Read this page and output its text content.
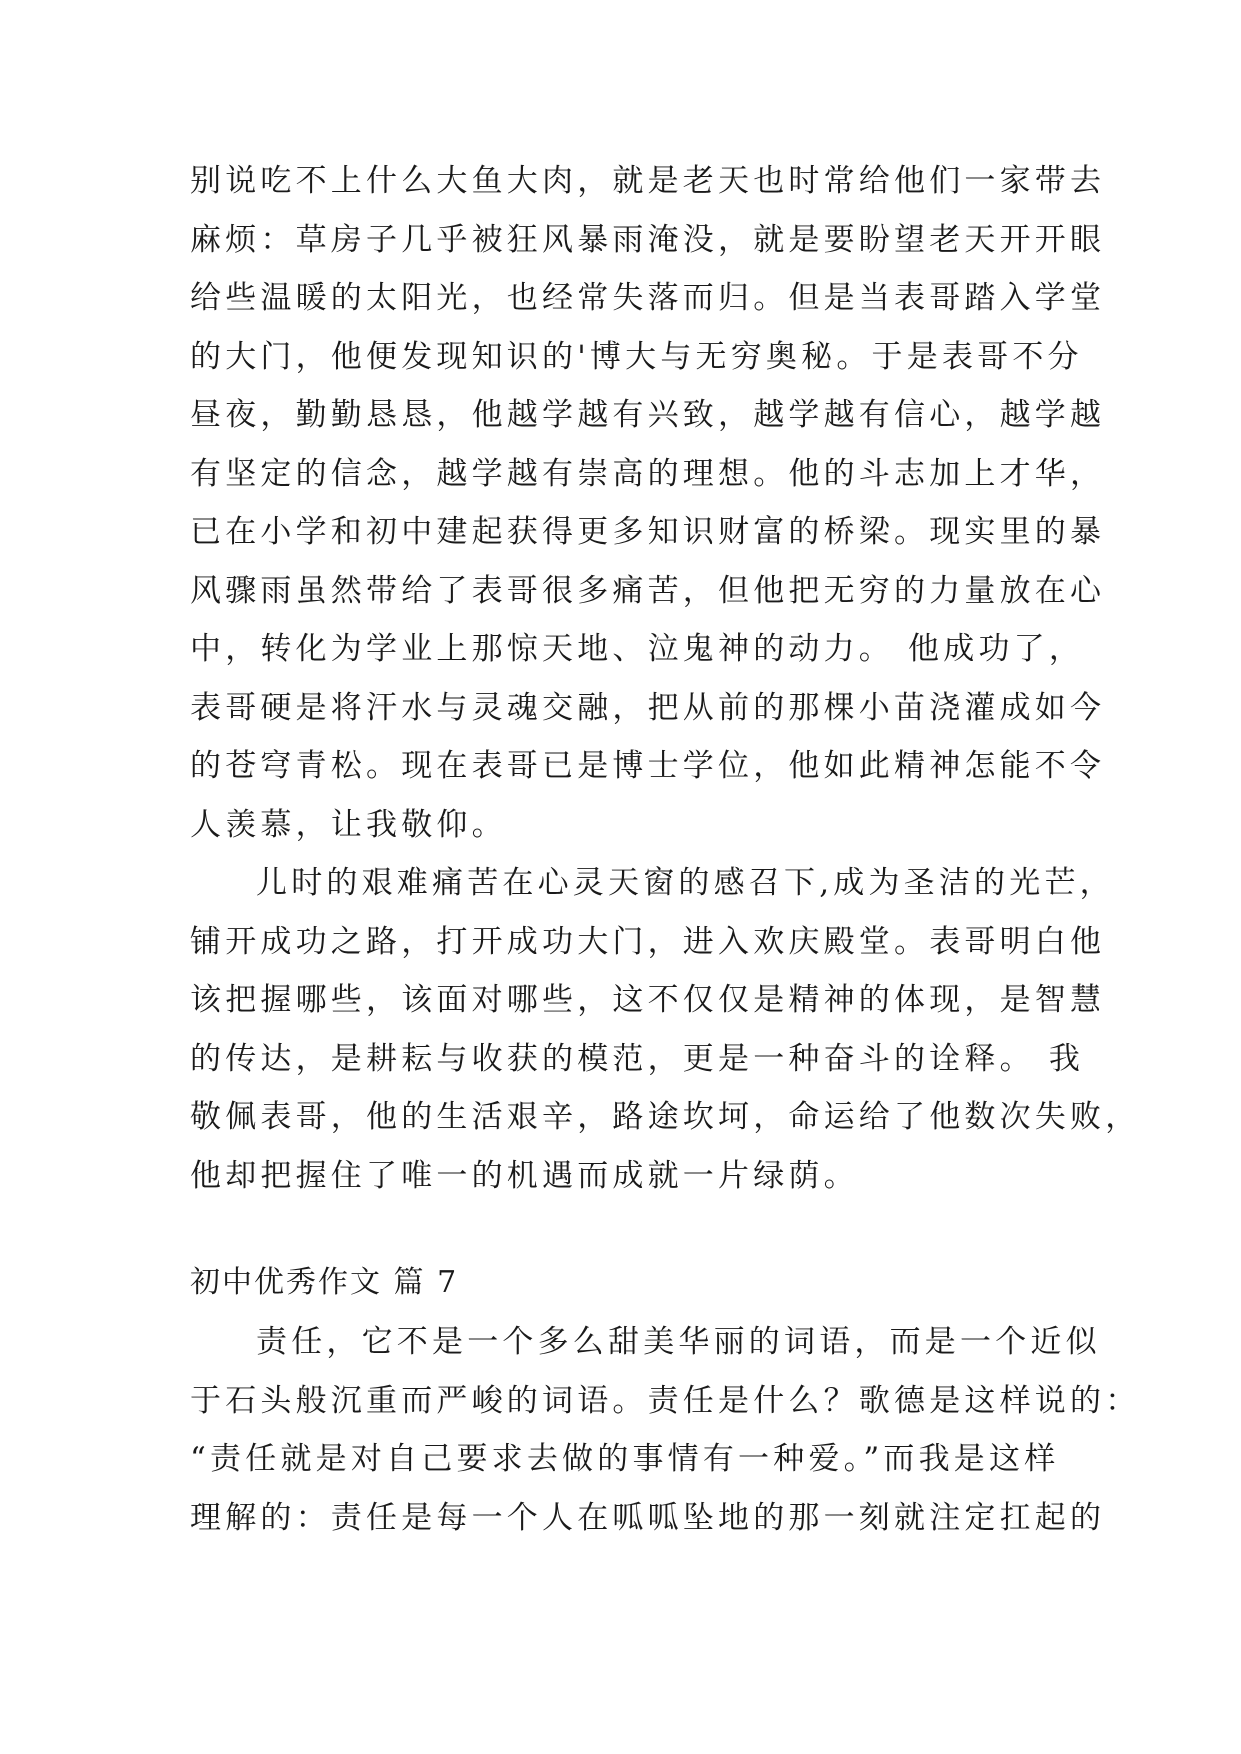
别说吃不上什么大鱼大肉，就是老天也时常给他们一家带去
麻烦：草房子几乎被狂风暴雨淹没，就是要盼望老天开开眼
给些温暖的太阳光，也经常失落而归。但是当表哥踏入学堂
的大门，他便发现知识的'博大与无穷奥秘。于是表哥不分
昼夜，勤勤恳恳，他越学越有兴致，越学越有信心，越学越
有坚定的信念，越学越有崇高的理想。他的斗志加上才华，
已在小学和初中建起获得更多知识财富的桥梁。现实里的暴
风骤雨虽然带给了表哥很多痛苦，但他把无穷的力量放在心
中，转化为学业上那惊天地、泣鬼神的动力。 他成功了，
表哥硬是将汗水与灵魂交融，把从前的那棵小苗浇灌成如今
的苍穹青松。现在表哥已是博士学位，他如此精神怎能不令
人羡慕，让我敬仰。
儿时的艰难痛苦在心灵天窗的感召下,成为圣洁的光芒，
铺开成功之路，打开成功大门，进入欢庆殿堂。表哥明白他
该把握哪些，该面对哪些，这不仅仅是精神的体现，是智慧
的传达，是耕耘与收获的模范，更是一种奋斗的诠释。 我
敬佩表哥，他的生活艰辛，路途坎坷，命运给了他数次失败，
他却把握住了唯一的机遇而成就一片绿荫。
初中优秀作文 篇 7
责任，它不是一个多么甜美华丽的词语，而是一个近似
于石头般沉重而严峻的词语。责任是什么？歌德是这样说的：
“责任就是对自己要求去做的事情有一种爱。”而我是这样
理解的：责任是每一个人在呱呱坠地的那一刻就注定扛起的
